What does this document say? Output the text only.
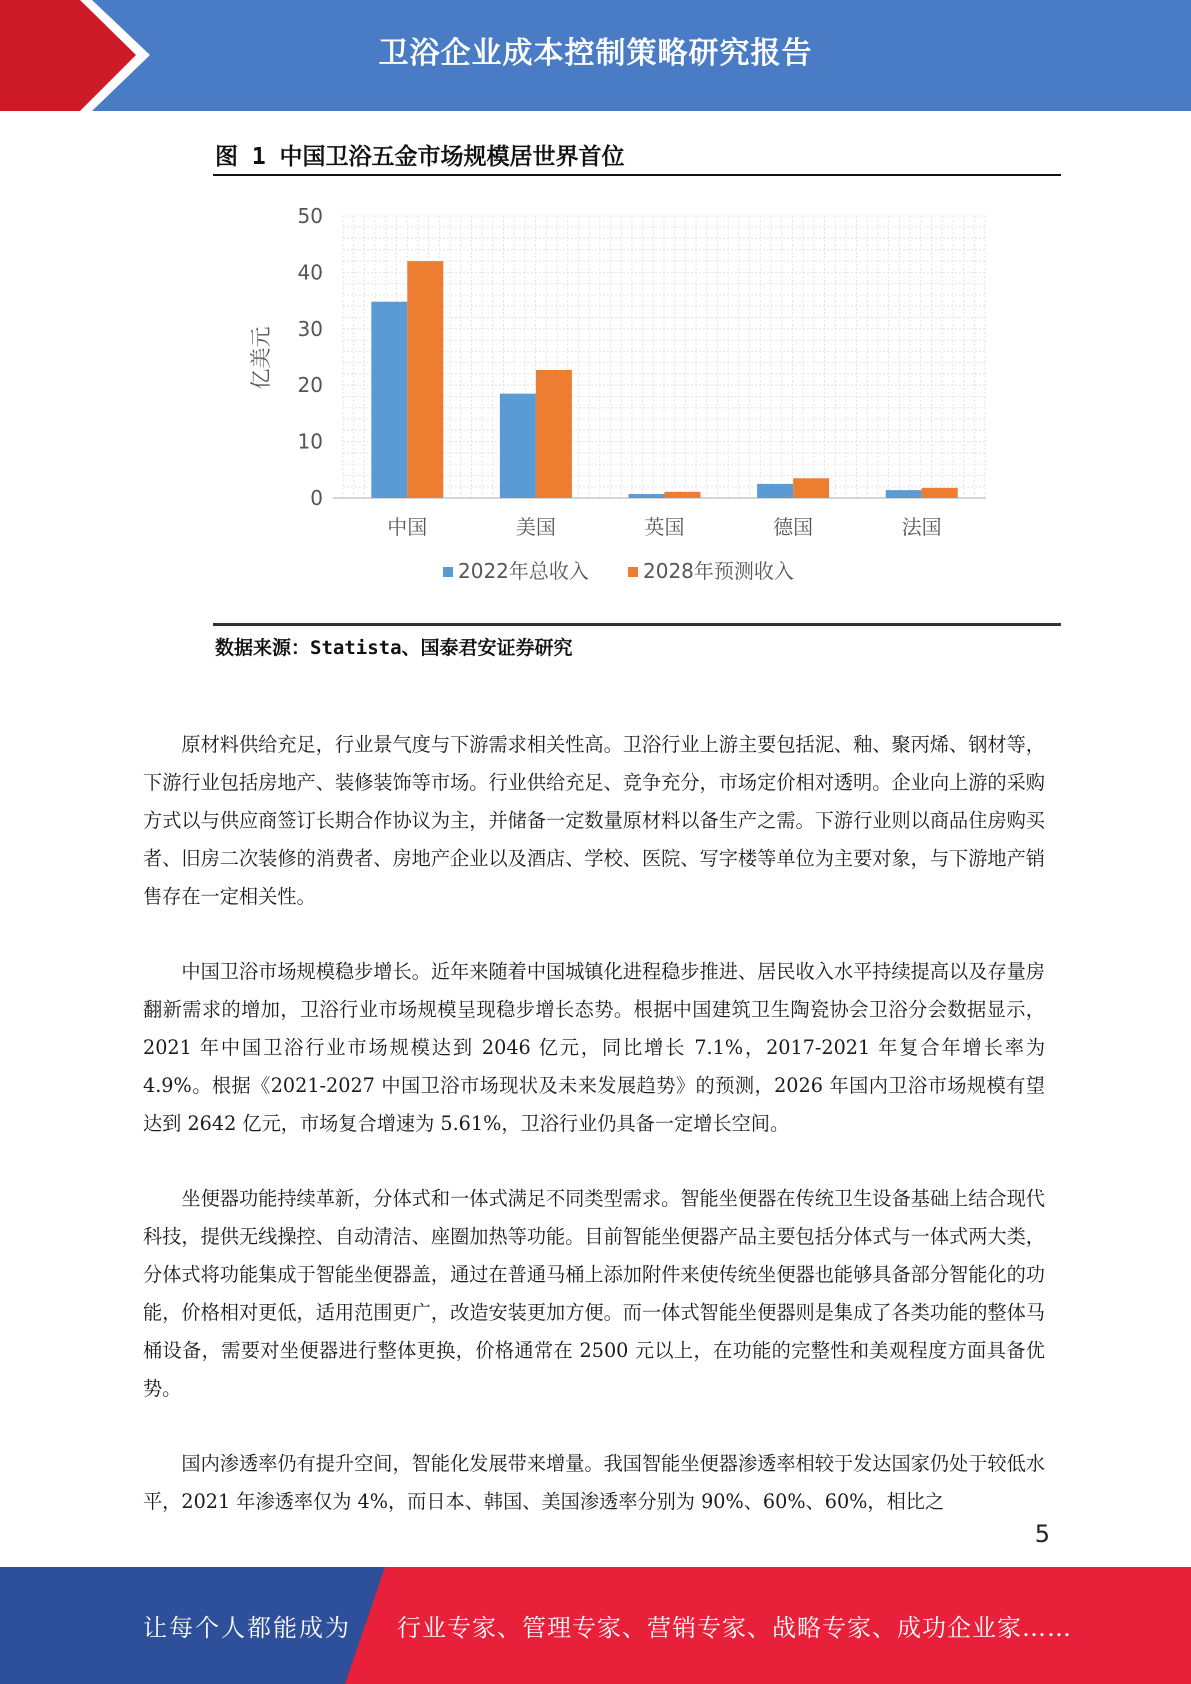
卫浴企业成本控制策略研究报告
图 1 中国卫浴五金市场规模居世界首位
0
10
20
30
40
50
亿美元
中国	美国	英国	德国	法国
2022年总收入	2028年预测收入
数据来源：Statista、国泰君安证券研究

原材料供给充足，行业景气度与下游需求相关性高。卫浴行业上游主要包括泥、釉、聚丙烯、钢材等，下游行业包括房地产、装修装饰等市场。行业供给充足、竞争充分，市场定价相对透明。企业向上游的采购方式以与供应商签订长期合作协议为主，并储备一定数量原材料以备生产之需。下游行业则以商品住房购买者、旧房二次装修的消费者、房地产企业以及酒店、学校、医院、写字楼等单位为主要对象，与下游地产销售存在一定相关性。

中国卫浴市场规模稳步增长。近年来随着中国城镇化进程稳步推进、居民收入水平持续提高以及存量房翻新需求的增加，卫浴行业市场规模呈现稳步增长态势。根据中国建筑卫生陶瓷协会卫浴分会数据显示，2021 年中国卫浴行业市场规模达到 2046 亿元，同比增长 7.1%，2017-2021 年复合年增长率为 4.9%。根据《2021-2027 中国卫浴市场现状及未来发展趋势》的预测，2026 年国内卫浴市场规模有望达到 2642 亿元，市场复合增速为 5.61%，卫浴行业仍具备一定增长空间。

坐便器功能持续革新，分体式和一体式满足不同类型需求。智能坐便器在传统卫生设备基础上结合现代科技，提供无线操控、自动清洁、座圈加热等功能。目前智能坐便器产品主要包括分体式与一体式两大类，分体式将功能集成于智能坐便器盖，通过在普通马桶上添加附件来使传统坐便器也能够具备部分智能化的功能，价格相对更低，适用范围更广，改造安装更加方便。而一体式智能坐便器则是集成了各类功能的整体马桶设备，需要对坐便器进行整体更换，价格通常在 2500 元以上，在功能的完整性和美观程度方面具备优势。

国内渗透率仍有提升空间，智能化发展带来增量。我国智能坐便器渗透率相较于发达国家仍处于较低水平，2021 年渗透率仅为 4%，而日本、韩国、美国渗透率分别为 90%、60%、60%，相比之

5
让每个人都能成为 行业专家、管理专家、营销专家、战略专家、成功企业家……
